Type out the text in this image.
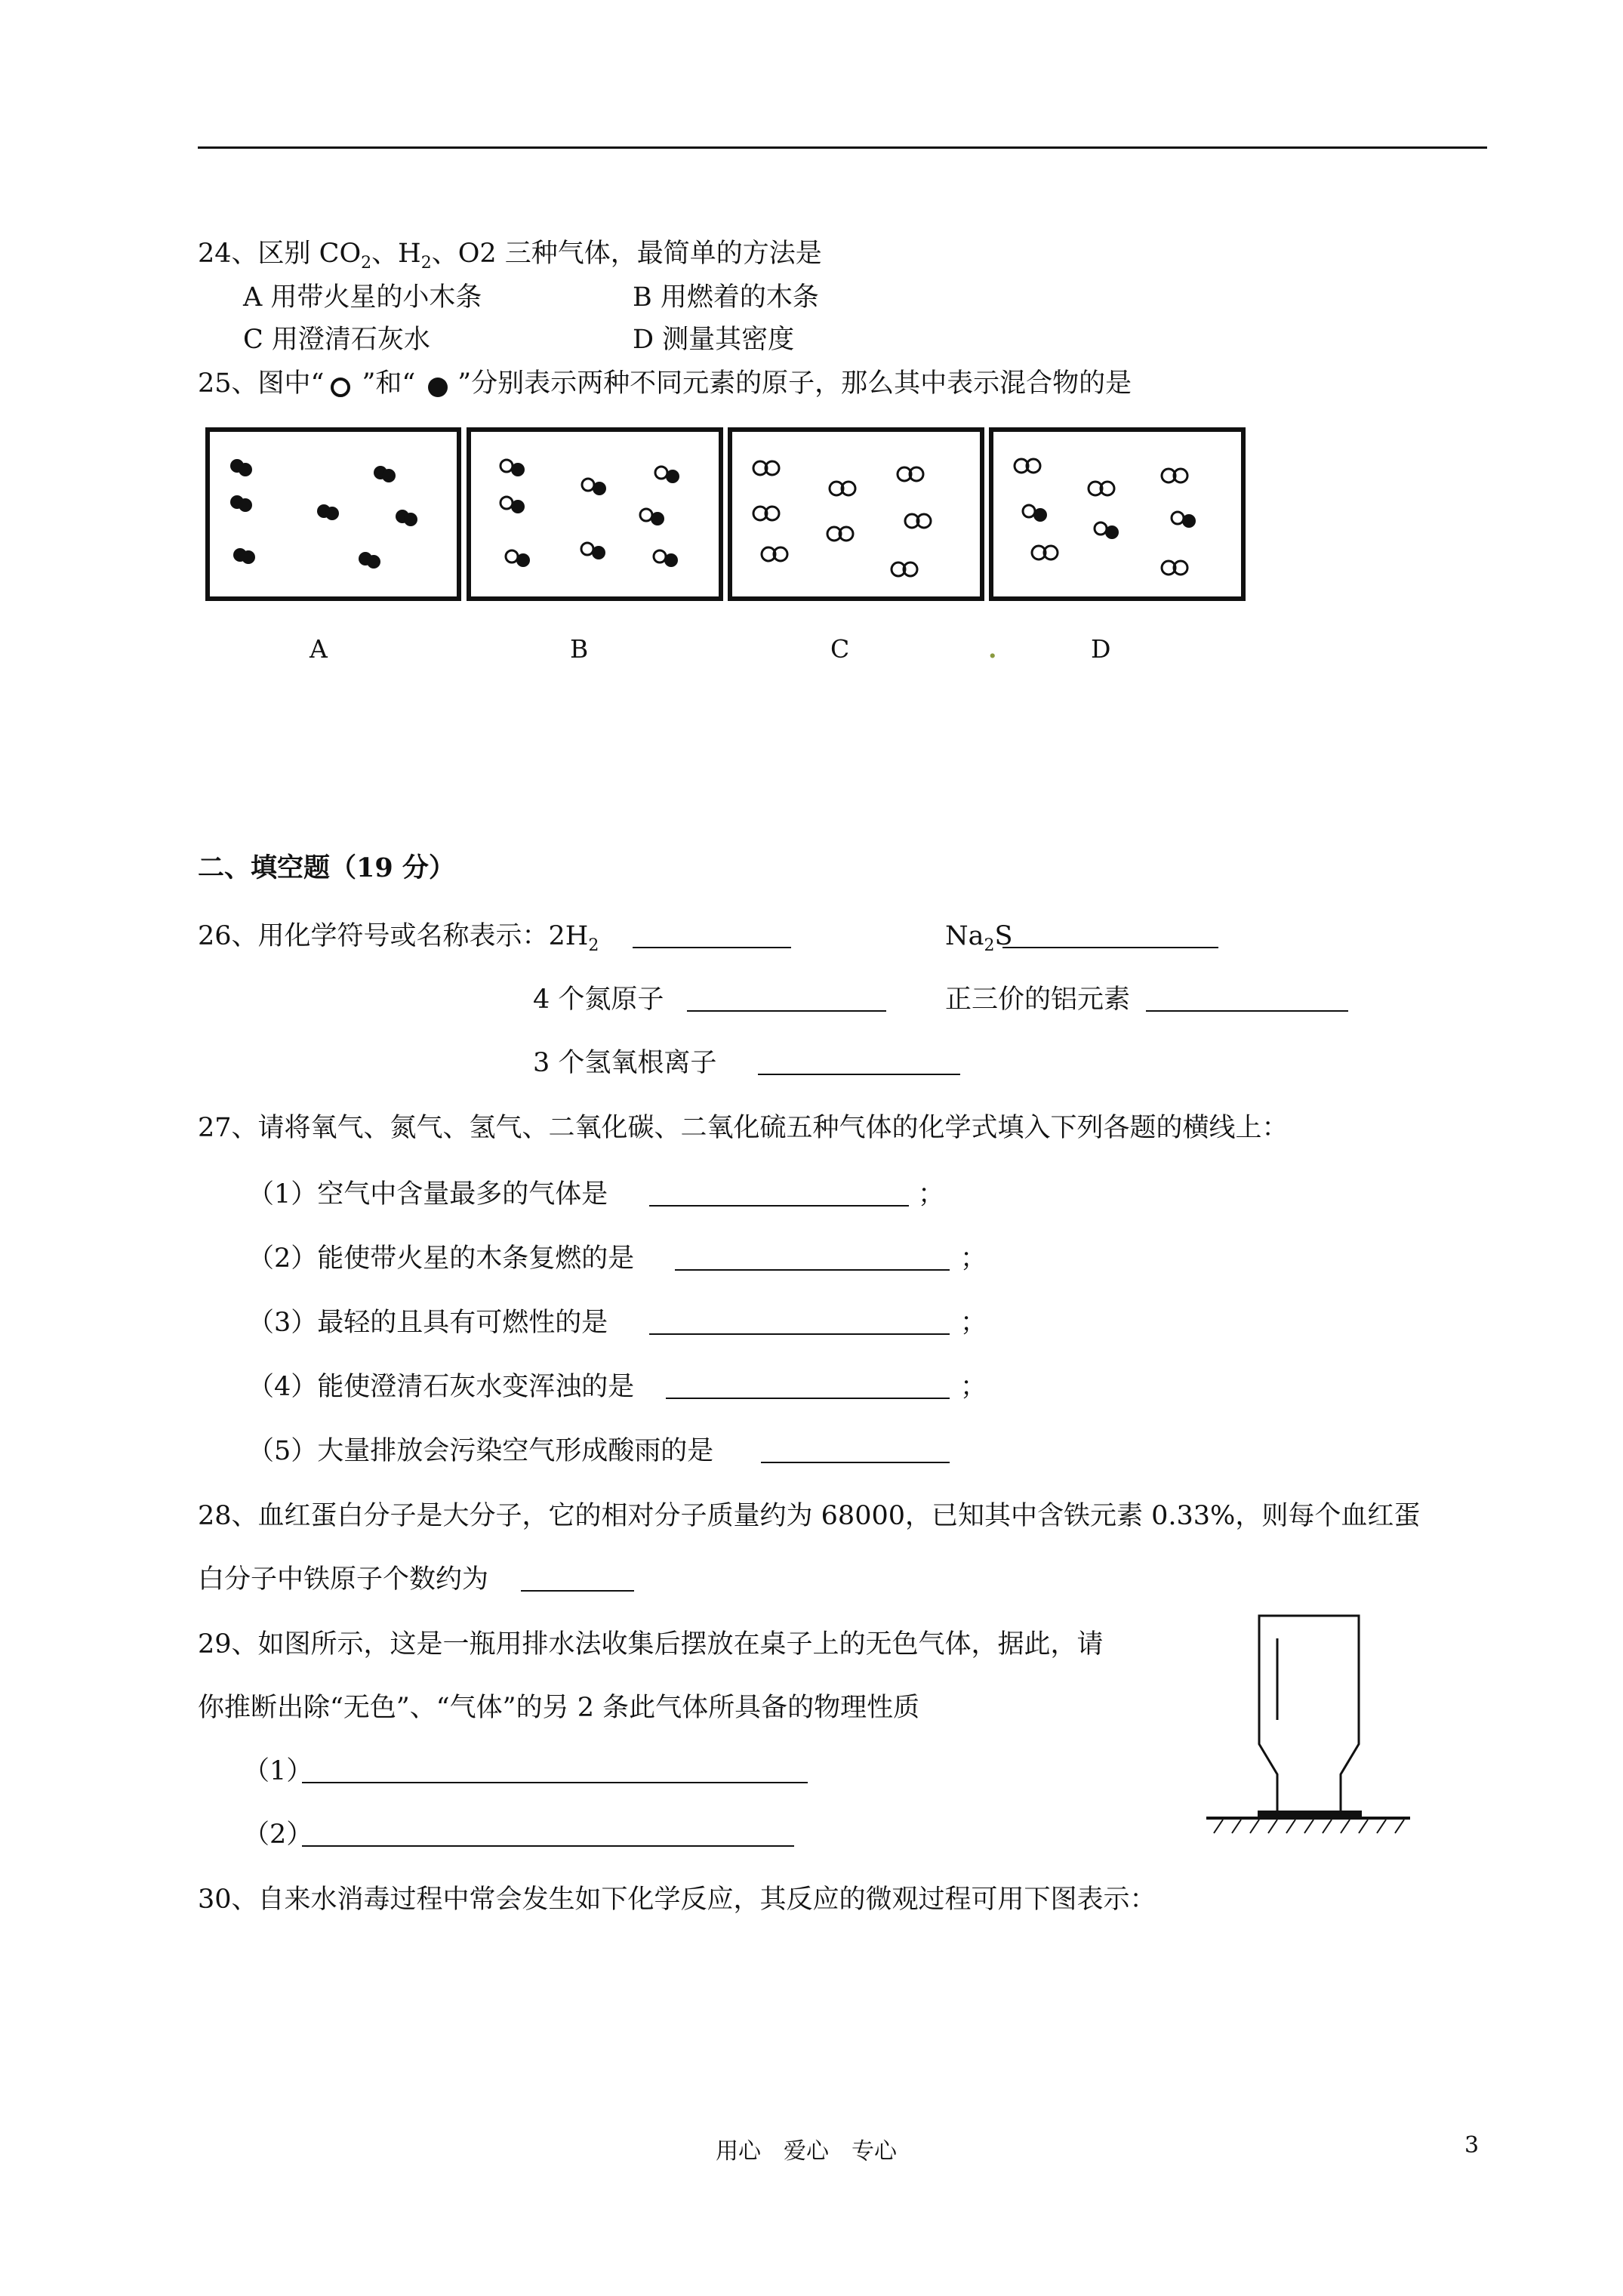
24、区别 $CO_2$、$H_2$、O2 三种气体，最简单的方法是
A 用带火星的小木条	B 用燃着的木条
C 用澄清石灰水	D 测量其密度
25、图中“ ”和“ ”分别表示两种不同元素的原子，那么其中表示混合物的是
A	B	C	.	D
二、填空题（19 分）
26、用化学符号或名称表示：$2H_2$	$Na_2S$
4 个氮原子	正三价的铝元素
3 个氢氧根离子
27、请将氧气、氮气、氢气、二氧化碳、二氧化硫五种气体的化学式填入下列各题的横线上：
（1）空气中含量最多的气体是	；
（2）能使带火星的木条复燃的是	；
（3）最轻的且具有可燃性的是	；
（4）能使澄清石灰水变浑浊的是	；
（5）大量排放会污染空气形成酸雨的是
28、血红蛋白分子是大分子，它的相对分子质量约为 68000，已知其中含铁元素 0.33%，则每个血红蛋
白分子中铁原子个数约为
29、如图所示，这是一瓶用排水法收集后摆放在桌子上的无色气体，据此，请
你推断出除“无色”、“气体”的另 2 条此气体所具备的物理性质
（1）
（2）
30、自来水消毒过程中常会发生如下化学反应，其反应的微观过程可用下图表示：
用心　爱心　专心	3
